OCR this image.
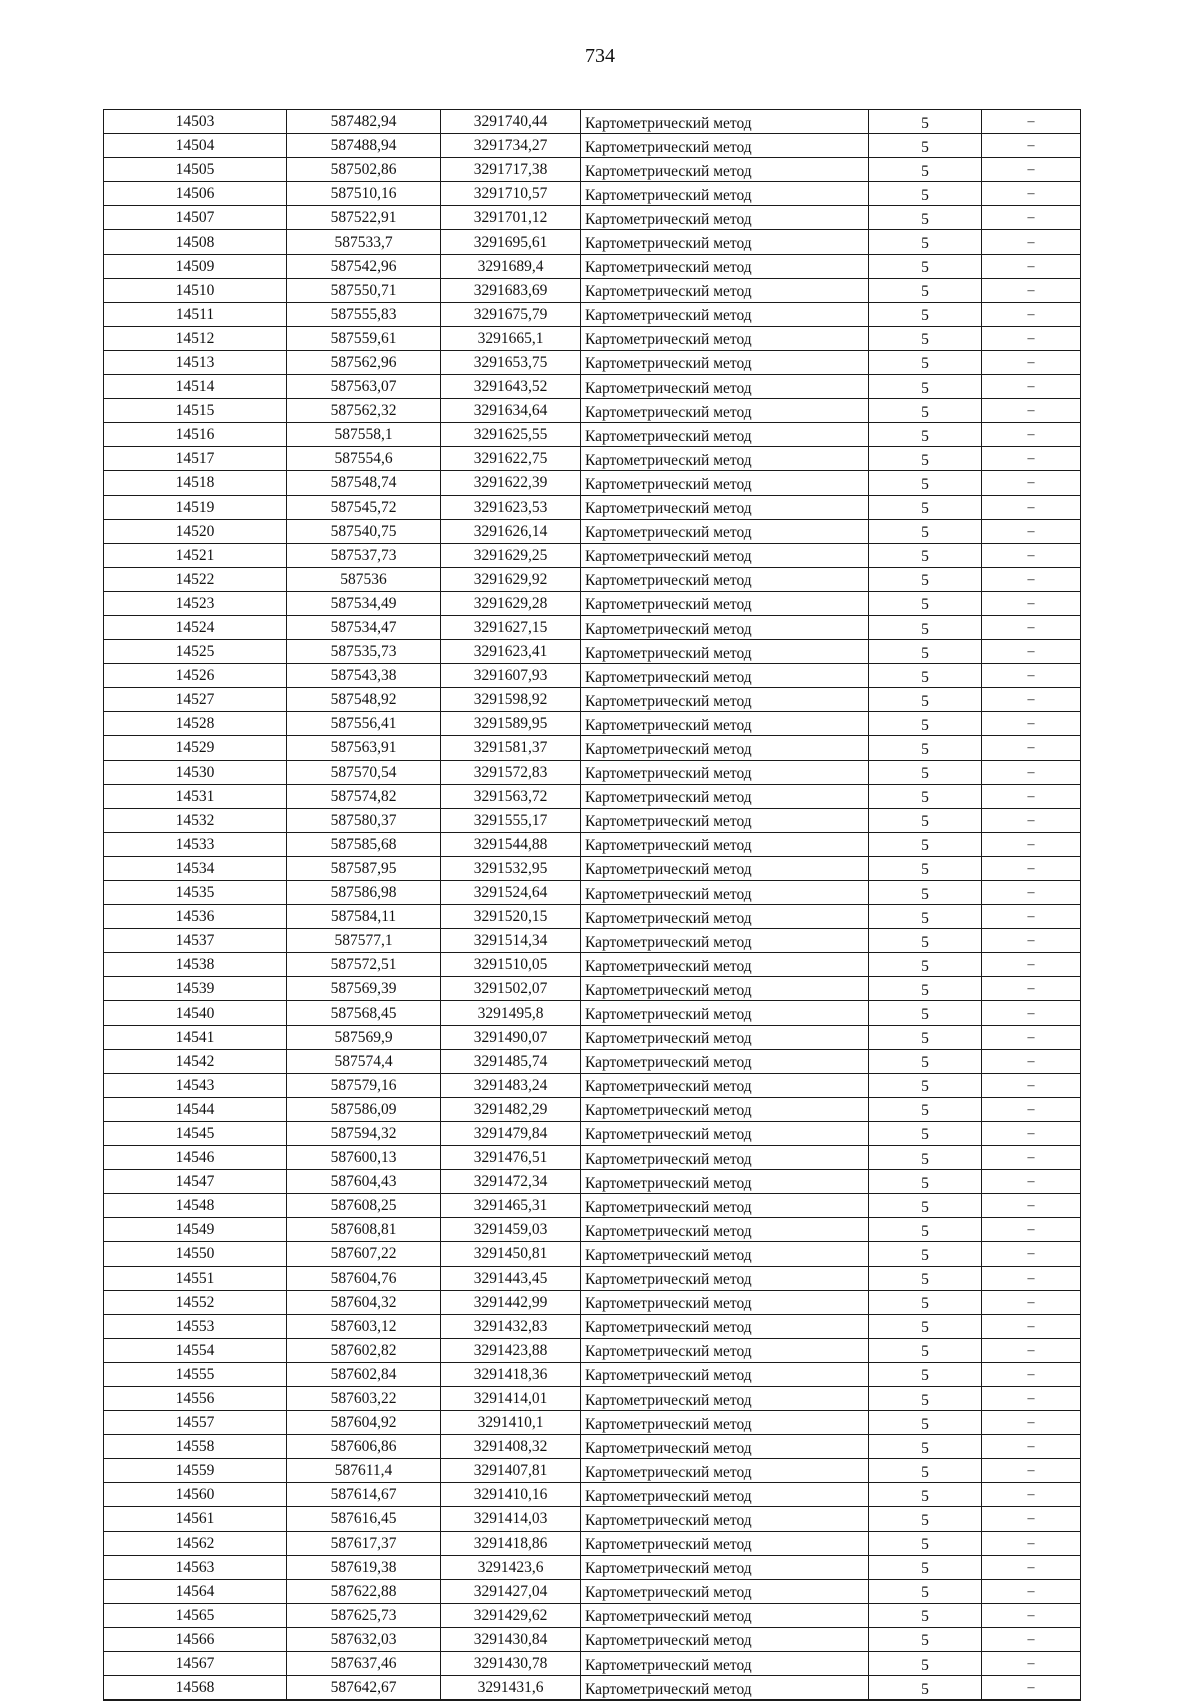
734
14503	587482,94	3291740,44	Картометрический метод	5	–
14504	587488,94	3291734,27	Картометрический метод	5	–
14505	587502,86	3291717,38	Картометрический метод	5	–
14506	587510,16	3291710,57	Картометрический метод	5	–
14507	587522,91	3291701,12	Картометрический метод	5	–
14508	587533,7	3291695,61	Картометрический метод	5	–
14509	587542,96	3291689,4	Картометрический метод	5	–
14510	587550,71	3291683,69	Картометрический метод	5	–
14511	587555,83	3291675,79	Картометрический метод	5	–
14512	587559,61	3291665,1	Картометрический метод	5	–
14513	587562,96	3291653,75	Картометрический метод	5	–
14514	587563,07	3291643,52	Картометрический метод	5	–
14515	587562,32	3291634,64	Картометрический метод	5	–
14516	587558,1	3291625,55	Картометрический метод	5	–
14517	587554,6	3291622,75	Картометрический метод	5	–
14518	587548,74	3291622,39	Картометрический метод	5	–
14519	587545,72	3291623,53	Картометрический метод	5	–
14520	587540,75	3291626,14	Картометрический метод	5	–
14521	587537,73	3291629,25	Картометрический метод	5	–
14522	587536	3291629,92	Картометрический метод	5	–
14523	587534,49	3291629,28	Картометрический метод	5	–
14524	587534,47	3291627,15	Картометрический метод	5	–
14525	587535,73	3291623,41	Картометрический метод	5	–
14526	587543,38	3291607,93	Картометрический метод	5	–
14527	587548,92	3291598,92	Картометрический метод	5	–
14528	587556,41	3291589,95	Картометрический метод	5	–
14529	587563,91	3291581,37	Картометрический метод	5	–
14530	587570,54	3291572,83	Картометрический метод	5	–
14531	587574,82	3291563,72	Картометрический метод	5	–
14532	587580,37	3291555,17	Картометрический метод	5	–
14533	587585,68	3291544,88	Картометрический метод	5	–
14534	587587,95	3291532,95	Картометрический метод	5	–
14535	587586,98	3291524,64	Картометрический метод	5	–
14536	587584,11	3291520,15	Картометрический метод	5	–
14537	587577,1	3291514,34	Картометрический метод	5	–
14538	587572,51	3291510,05	Картометрический метод	5	–
14539	587569,39	3291502,07	Картометрический метод	5	–
14540	587568,45	3291495,8	Картометрический метод	5	–
14541	587569,9	3291490,07	Картометрический метод	5	–
14542	587574,4	3291485,74	Картометрический метод	5	–
14543	587579,16	3291483,24	Картометрический метод	5	–
14544	587586,09	3291482,29	Картометрический метод	5	–
14545	587594,32	3291479,84	Картометрический метод	5	–
14546	587600,13	3291476,51	Картометрический метод	5	–
14547	587604,43	3291472,34	Картометрический метод	5	–
14548	587608,25	3291465,31	Картометрический метод	5	–
14549	587608,81	3291459,03	Картометрический метод	5	–
14550	587607,22	3291450,81	Картометрический метод	5	–
14551	587604,76	3291443,45	Картометрический метод	5	–
14552	587604,32	3291442,99	Картометрический метод	5	–
14553	587603,12	3291432,83	Картометрический метод	5	–
14554	587602,82	3291423,88	Картометрический метод	5	–
14555	587602,84	3291418,36	Картометрический метод	5	–
14556	587603,22	3291414,01	Картометрический метод	5	–
14557	587604,92	3291410,1	Картометрический метод	5	–
14558	587606,86	3291408,32	Картометрический метод	5	–
14559	587611,4	3291407,81	Картометрический метод	5	–
14560	587614,67	3291410,16	Картометрический метод	5	–
14561	587616,45	3291414,03	Картометрический метод	5	–
14562	587617,37	3291418,86	Картометрический метод	5	–
14563	587619,38	3291423,6	Картометрический метод	5	–
14564	587622,88	3291427,04	Картометрический метод	5	–
14565	587625,73	3291429,62	Картометрический метод	5	–
14566	587632,03	3291430,84	Картометрический метод	5	–
14567	587637,46	3291430,78	Картометрический метод	5	–
14568	587642,67	3291431,6	Картометрический метод	5	–
